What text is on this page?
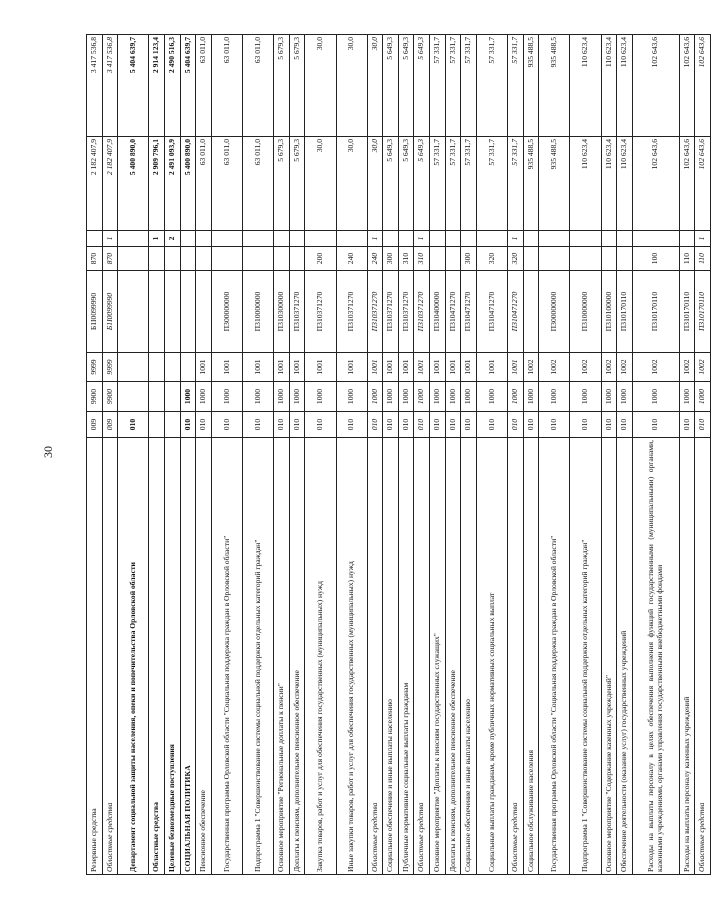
30
Резервные средства	009	9900	9999	Б1I0099990	870		2 182 407,9	3 417 536,8
Областные средства	009	9900	9999	Б1I0099990	870	1	2 182 407,9	3 417 536,8
Департамент социальной защиты населения, опеки и попечительства Орловской области	010						5 400 890,0	5 404 639,7
Областные средства						1	2 909 796,1	2 914 123,4
Целевые безвозмездные поступления						2	2 491 093,9	2 490 516,3
СОЦИАЛЬНАЯ ПОЛИТИКА	010	1000					5 400 890,0	5 404 639,7
Пенсионное обеспечение	010	1000	1001				63 011,0	63 011,0
Государственная программа Орловской области "Социальная поддержка граждан в Орловской области"	010	1000	1001	П300000000			63 011,0	63 011,0
Подпрограмма 1 "Совершенствование системы социальной поддержки отдельных категорий граждан"	010	1000	1001	П310000000			63 011,0	63 011,0
Основное мероприятие "Региональные доплаты к пенсии"	010	1000	1001	П310300000			5 679,3	5 679,3
Доплаты к пенсиям, дополнительное пенсионное обеспечение	010	1000	1001	П310371270			5 679,3	5 679,3
Закупка товаров, работ и услуг для обеспечения государственных (муниципальных) нужд	010	1000	1001	П310371270	200		30,0	30,0
Иные закупки товаров, работ и услуг для обеспечения государственных (муниципальных) нужд	010	1000	1001	П310371270	240		30,0	30,0
Областные средства	010	1000	1001	П310371270	240	1	30,0	30,0
Социальное обеспечение и иные выплаты населению	010	1000	1001	П310371270	300		5 649,3	5 649,3
Публичные нормативные социальные выплаты гражданам	010	1000	1001	П310371270	310		5 649,3	5 649,3
Областные средства	010	1000	1001	П310371270	310	1	5 649,3	5 649,3
Основное мероприятие "Доплаты к пенсиям государственных служащих"	010	1000	1001	П310400000			57 331,7	57 331,7
Доплаты к пенсиям, дополнительное пенсионное обеспечение	010	1000	1001	П310471270			57 331,7	57 331,7
Социальное обеспечение и иные выплаты населению	010	1000	1001	П310471270	300		57 331,7	57 331,7
Социальные выплаты гражданам, кроме публичных нормативных социальных выплат	010	1000	1001	П310471270	320		57 331,7	57 331,7
Областные средства	010	1000	1001	П310471270	320	1	57 331,7	57 331,7
Социальное обслуживание населения	010	1000	1002				935 488,5	935 488,5
Государственная программа Орловской области "Социальная поддержка граждан в Орловской области"	010	1000	1002	П300000000			935 488,5	935 488,5
Подпрограмма 1 "Совершенствование системы социальной поддержки отдельных категорий граждан"	010	1000	1002	П310000000			110 623,4	110 623,4
Основное мероприятие "Содержание казенных учреждений"	010	1000	1002	П310100000			110 623,4	110 623,4
Обеспечение деятельности (оказание услуг) государственных учреждений	010	1000	1002	П310170110			110 623,4	110 623,4
Расходы на выплаты персоналу в целях обеспечения выполнения функций государственными (муниципальными) органами, казенными учреждениями, органами управления государственными внебюджетными фондами	010	1000	1002	П310170110	100		102 643,6	102 643,6
Расходы на выплаты персоналу казенных учреждений	010	1000	1002	П310170110	110		102 643,6	102 643,6
Областные средства	010	1000	1002	П310170110	110	1	102 643,6	102 643,6
